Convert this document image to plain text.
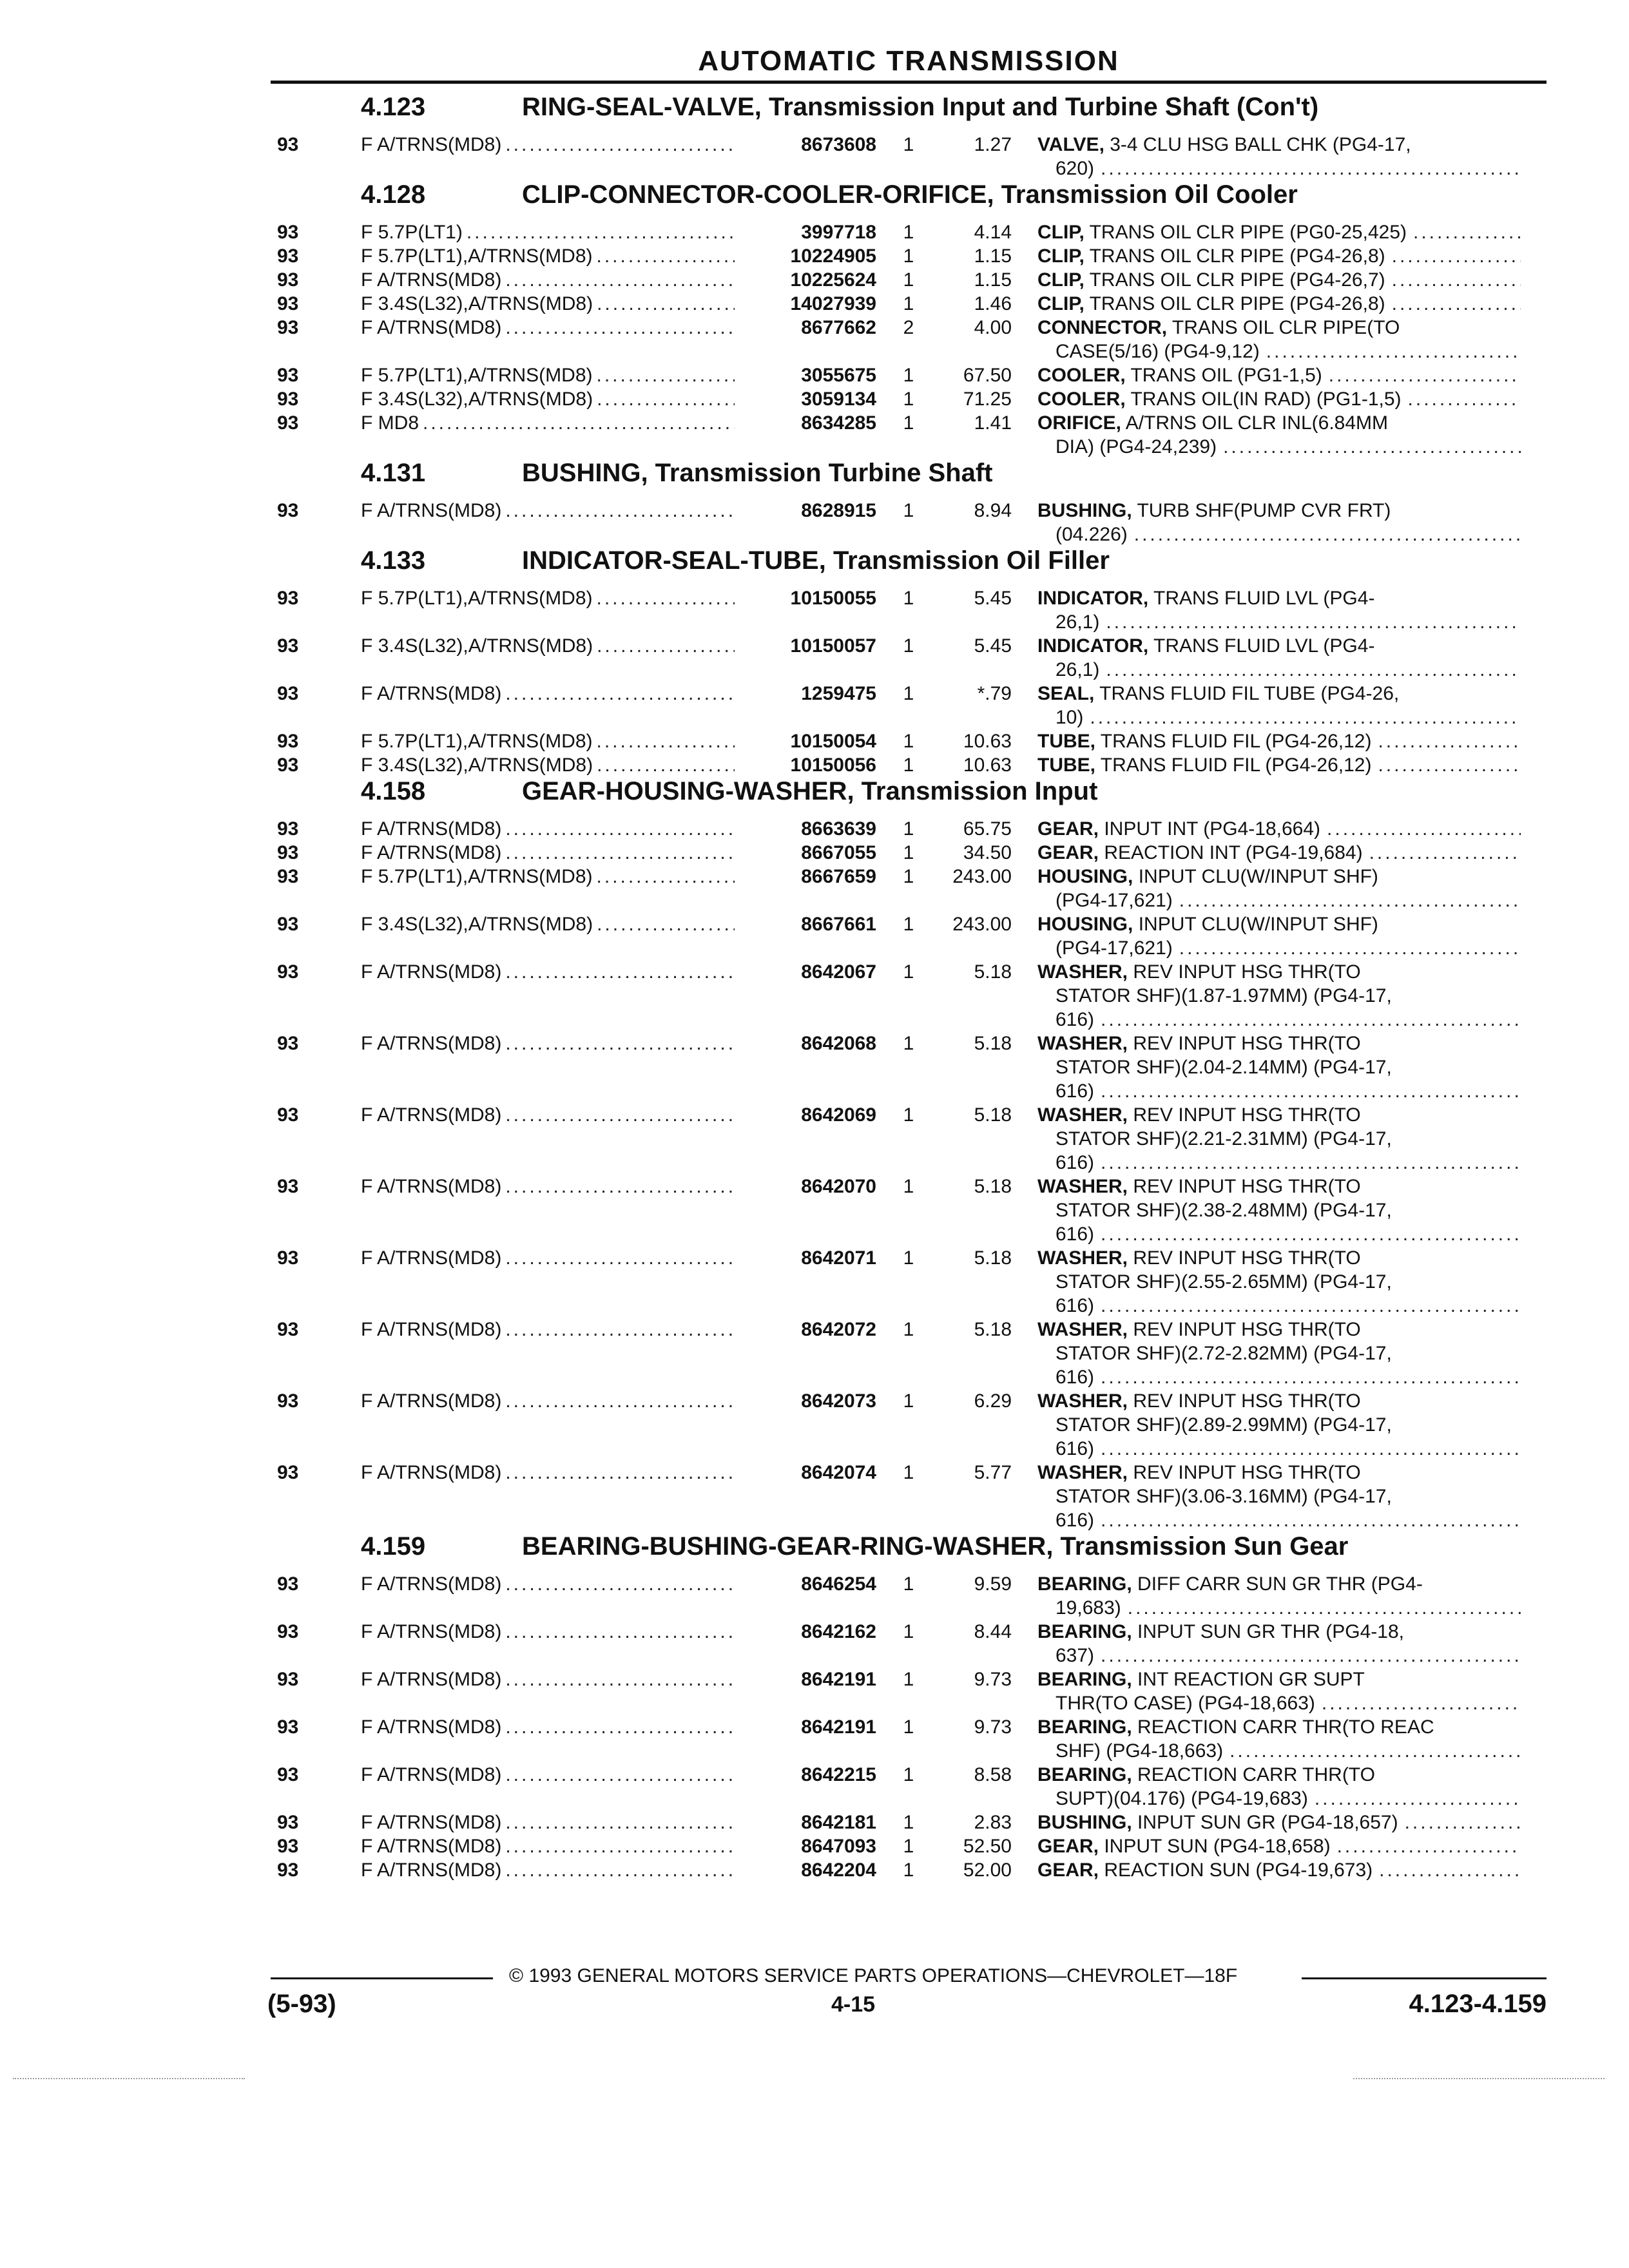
AUTOMATIC TRANSMISSION
4.123	RING-SEAL-VALVE, Transmission Input and Turbine Shaft (Con't)
93	F A/TRNS(MD8) .....	8673608	1	1.27	VALVE, 3-4 CLU HSG BALL CHK (PG4-17,
620)
.....
4.128	CLIP-CONNECTOR-COOLER-ORIFICE, Transmission Oil Cooler
93	F 5.7P(LT1) .....	3997718	1	4.14	CLIP, TRANS OIL CLR PIPE (PG0-25,425)
.....
93	F 5.7P(LT1),A/TRNS(MD8) .....	10224905	1	1.15	CLIP, TRANS OIL CLR PIPE (PG4-26,8)
.....
93	F A/TRNS(MD8) .....	10225624	1	1.15	CLIP, TRANS OIL CLR PIPE (PG4-26,7)
.....
93	F 3.4S(L32),A/TRNS(MD8) .....	14027939	1	1.46	CLIP, TRANS OIL CLR PIPE (PG4-26,8)
.....
93	F A/TRNS(MD8) .....	8677662	2	4.00	CONNECTOR, TRANS OIL CLR PIPE(TO
CASE(5/16) (PG4-9,12)
.....
93	F 5.7P(LT1),A/TRNS(MD8) .....	3055675	1	67.50	COOLER, TRANS OIL (PG1-1,5)
.....
93	F 3.4S(L32),A/TRNS(MD8) .....	3059134	1	71.25	COOLER, TRANS OIL(IN RAD) (PG1-1,5)
.....
93	F MD8 .....	8634285	1	1.41	ORIFICE, A/TRNS OIL CLR INL(6.84MM
DIA) (PG4-24,239)
.....
4.131	BUSHING, Transmission Turbine Shaft
93	F A/TRNS(MD8) .....	8628915	1	8.94	BUSHING, TURB SHF(PUMP CVR FRT)
(04.226)
.....
4.133	INDICATOR-SEAL-TUBE, Transmission Oil Filler
93	F 5.7P(LT1),A/TRNS(MD8) .....	10150055	1	5.45	INDICATOR, TRANS FLUID LVL (PG4-
26,1)
.....
93	F 3.4S(L32),A/TRNS(MD8) .....	10150057	1	5.45	INDICATOR, TRANS FLUID LVL (PG4-
26,1)
.....
93	F A/TRNS(MD8) .....	1259475	1	*.79	SEAL, TRANS FLUID FIL TUBE (PG4-26,
10)
.....
93	F 5.7P(LT1),A/TRNS(MD8) .....	10150054	1	10.63	TUBE, TRANS FLUID FIL (PG4-26,12)
.....
93	F 3.4S(L32),A/TRNS(MD8) .....	10150056	1	10.63	TUBE, TRANS FLUID FIL (PG4-26,12)
.....
4.158	GEAR-HOUSING-WASHER, Transmission Input
93	F A/TRNS(MD8) .....	8663639	1	65.75	GEAR, INPUT INT (PG4-18,664)
.....
93	F A/TRNS(MD8) .....	8667055	1	34.50	GEAR, REACTION INT (PG4-19,684)
.....
93	F 5.7P(LT1),A/TRNS(MD8) .....	8667659	1	243.00	HOUSING, INPUT CLU(W/INPUT SHF)
(PG4-17,621)
.....
93	F 3.4S(L32),A/TRNS(MD8) .....	8667661	1	243.00	HOUSING, INPUT CLU(W/INPUT SHF)
(PG4-17,621)
.....
93	F A/TRNS(MD8) .....	8642067	1	5.18	WASHER, REV INPUT HSG THR(TO
STATOR SHF)(1.87-1.97MM) (PG4-17,
616)
.....
93	F A/TRNS(MD8) .....	8642068	1	5.18	WASHER, REV INPUT HSG THR(TO
STATOR SHF)(2.04-2.14MM) (PG4-17,
616)
.....
93	F A/TRNS(MD8) .....	8642069	1	5.18	WASHER, REV INPUT HSG THR(TO
STATOR SHF)(2.21-2.31MM) (PG4-17,
616)
.....
93	F A/TRNS(MD8) .....	8642070	1	5.18	WASHER, REV INPUT HSG THR(TO
STATOR SHF)(2.38-2.48MM) (PG4-17,
616)
.....
93	F A/TRNS(MD8) .....	8642071	1	5.18	WASHER, REV INPUT HSG THR(TO
STATOR SHF)(2.55-2.65MM) (PG4-17,
616)
.....
93	F A/TRNS(MD8) .....	8642072	1	5.18	WASHER, REV INPUT HSG THR(TO
STATOR SHF)(2.72-2.82MM) (PG4-17,
616)
.....
93	F A/TRNS(MD8) .....	8642073	1	6.29	WASHER, REV INPUT HSG THR(TO
STATOR SHF)(2.89-2.99MM) (PG4-17,
616)
.....
93	F A/TRNS(MD8) .....	8642074	1	5.77	WASHER, REV INPUT HSG THR(TO
STATOR SHF)(3.06-3.16MM) (PG4-17,
616)
.....
4.159	BEARING-BUSHING-GEAR-RING-WASHER, Transmission Sun Gear
93	F A/TRNS(MD8) .....	8646254	1	9.59	BEARING, DIFF CARR SUN GR THR (PG4-
19,683)
.....
93	F A/TRNS(MD8) .....	8642162	1	8.44	BEARING, INPUT SUN GR THR (PG4-18,
637)
.....
93	F A/TRNS(MD8) .....	8642191	1	9.73	BEARING, INT REACTION GR SUPT
THR(TO CASE) (PG4-18,663)
.....
93	F A/TRNS(MD8) .....	8642191	1	9.73	BEARING, REACTION CARR THR(TO REAC
SHF) (PG4-18,663)
.....
93	F A/TRNS(MD8) .....	8642215	1	8.58	BEARING, REACTION CARR THR(TO
SUPT)(04.176) (PG4-19,683)
.....
93	F A/TRNS(MD8) .....	8642181	1	2.83	BUSHING, INPUT SUN GR (PG4-18,657)
.....
93	F A/TRNS(MD8) .....	8647093	1	52.50	GEAR, INPUT SUN (PG4-18,658)
.....
93	F A/TRNS(MD8) .....	8642204	1	52.00	GEAR, REACTION SUN (PG4-19,673)
.....
© 1993 GENERAL MOTORS SERVICE PARTS OPERATIONS—CHEVROLET—18F
(5-93)	4-15	4.123-4.159
